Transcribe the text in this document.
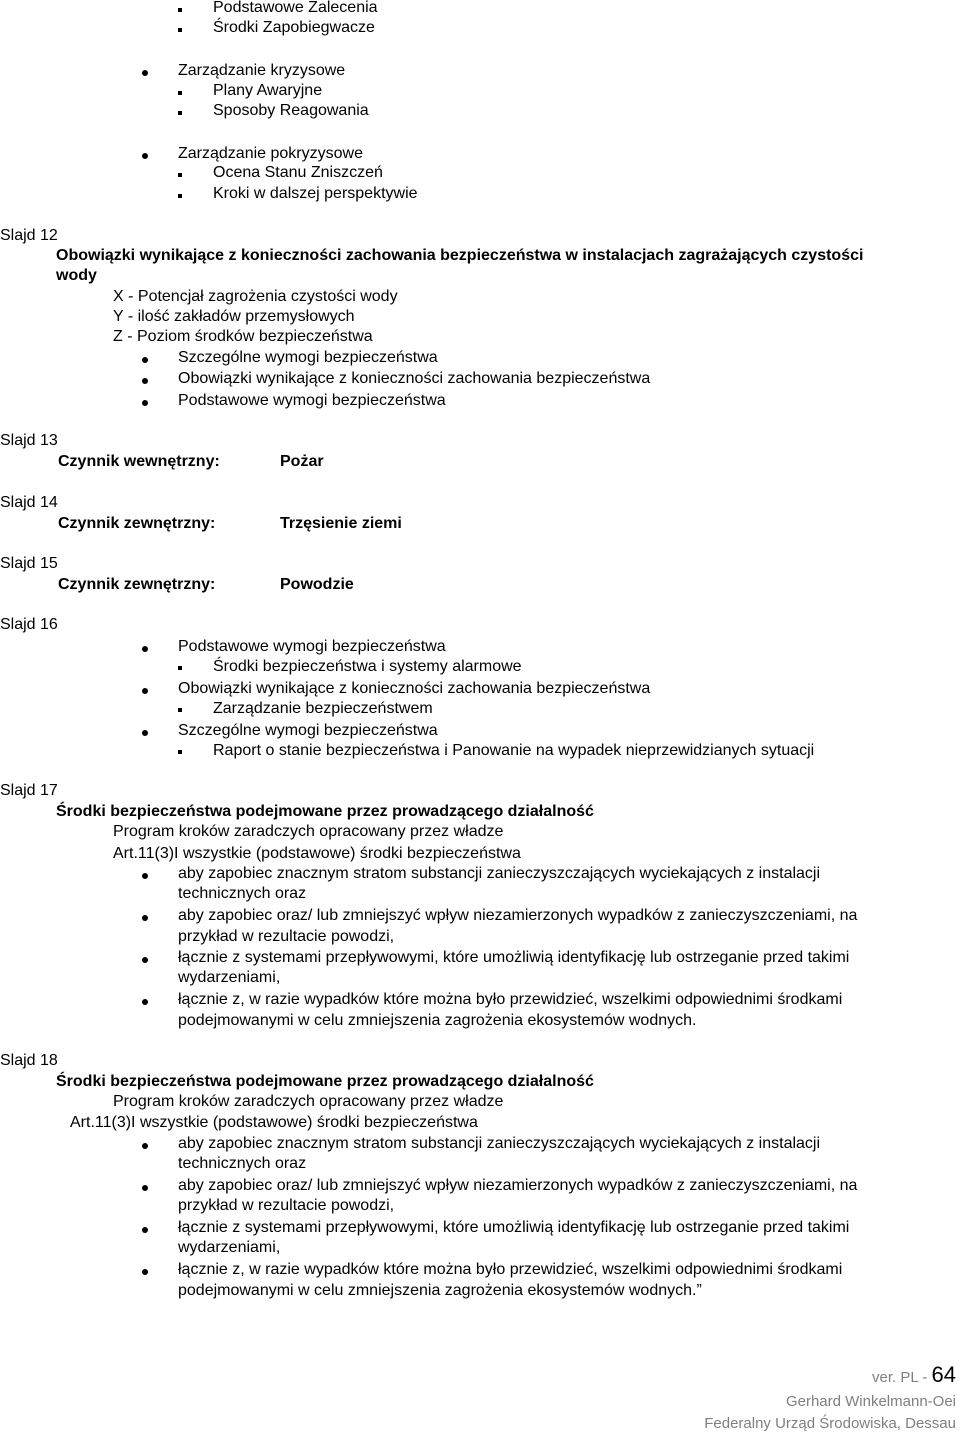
Podstawowe Zalecenia
Środki Zapobiegwacze
Zarządzanie kryzysowe
Plany Awaryjne
Sposoby Reagowania
Zarządzanie pokryzysowe
Ocena Stanu Zniszczeń
Kroki w dalszej perspektywie
Slajd 12
Obowiązki wynikające z konieczności zachowania bezpieczeństwa w instalacjach zagrażających czystości
wody
X - Potencjał zagrożenia czystości wody
Y - ilość zakładów przemysłowych
Z - Poziom środków bezpieczeństwa
Szczególne wymogi bezpieczeństwa
Obowiązki wynikające z konieczności zachowania bezpieczeństwa
Podstawowe wymogi bezpieczeństwa
Slajd 13
Czynnik wewnętrzny:	Pożar
Slajd 14
Czynnik zewnętrzny:	Trzęsienie ziemi
Slajd 15
Czynnik zewnętrzny:	Powodzie
Slajd 16
Podstawowe wymogi bezpieczeństwa
Środki bezpieczeństwa i systemy alarmowe
Obowiązki wynikające z konieczności zachowania bezpieczeństwa
Zarządzanie bezpieczeństwem
Szczególne wymogi bezpieczeństwa
Raport o stanie bezpieczeństwa i Panowanie na wypadek nieprzewidzianych sytuacji
Slajd 17
Środki bezpieczeństwa podejmowane przez prowadzącego działalność
Program kroków zaradczych opracowany przez władze
Art.11(3)I wszystkie (podstawowe) środki bezpieczeństwa
aby zapobiec znacznym stratom substancji zanieczyszczających wyciekających z instalacji
technicznych oraz
aby zapobiec oraz/ lub zmniejszyć wpływ niezamierzonych wypadków z zanieczyszczeniami, na
przykład w rezultacie powodzi,
łącznie z systemami przepływowymi, które umożliwią identyfikację lub ostrzeganie przed takimi
wydarzeniami,
łącznie z, w razie wypadków które można było przewidzieć, wszelkimi odpowiednimi środkami
podejmowanymi w celu zmniejszenia zagrożenia ekosystemów wodnych.
Slajd 18
Środki bezpieczeństwa podejmowane przez prowadzącego działalność
Program kroków zaradczych opracowany przez władze
Art.11(3)I wszystkie (podstawowe) środki bezpieczeństwa
aby zapobiec znacznym stratom substancji zanieczyszczających wyciekających z instalacji
technicznych oraz
aby zapobiec oraz/ lub zmniejszyć wpływ niezamierzonych wypadków z zanieczyszczeniami, na
przykład w rezultacie powodzi,
łącznie z systemami przepływowymi, które umożliwią identyfikację lub ostrzeganie przed takimi
wydarzeniami,
łącznie z, w razie wypadków które można było przewidzieć, wszelkimi odpowiednimi środkami
podejmowanymi w celu zmniejszenia zagrożenia ekosystemów wodnych.”
ver. PL - 64
Gerhard Winkelmann-Oei
Federalny Urząd Środowiska, Dessau
